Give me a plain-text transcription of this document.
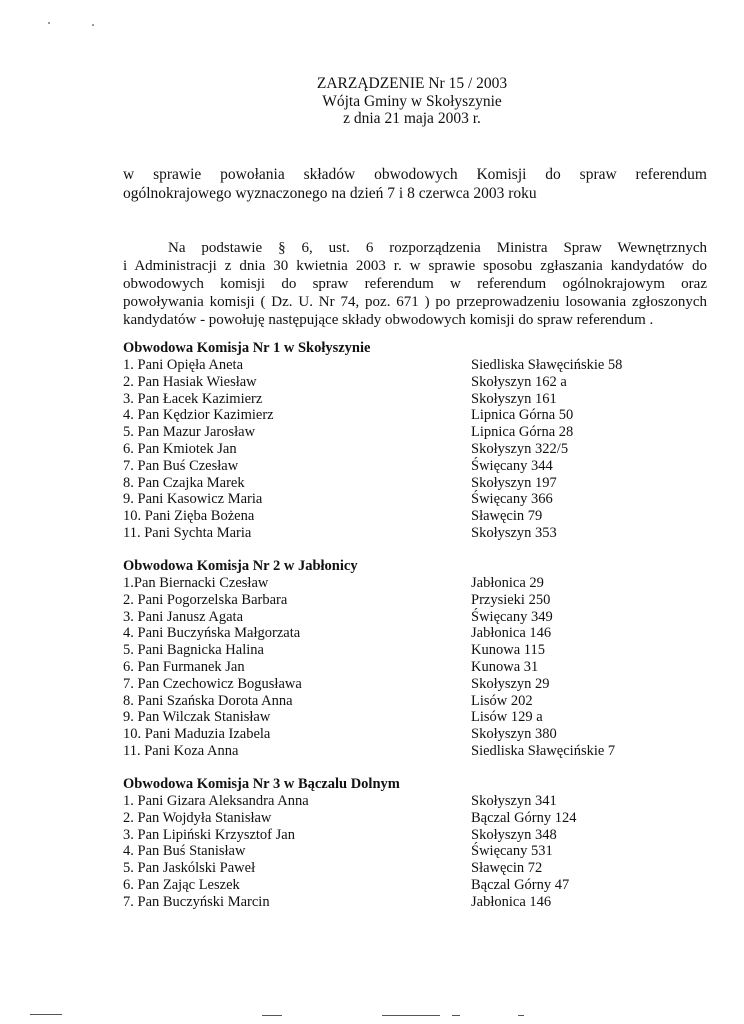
ZARZĄDZENIE Nr 15 / 2003
Wójta Gminy w Skołyszynie
z dnia 21 maja 2003 r.
w sprawie powołania składów obwodowych Komisji do spraw referendum
ogólnokrajowego wyznaczonego na dzień 7 i 8 czerwca 2003 roku
Na podstawie § 6, ust. 6 rozporządzenia Ministra Spraw Wewnętrznych
i Administracji z dnia 30 kwietnia 2003 r. w sprawie sposobu zgłaszania kandydatów do
obwodowych komisji do spraw referendum w referendum ogólnokrajowym oraz
powoływania komisji ( Dz. U. Nr 74, poz. 671 ) po przeprowadzeniu losowania zgłoszonych
kandydatów - powołuję następujące składy obwodowych komisji do spraw referendum .
Obwodowa Komisja Nr 1 w Skołyszynie
1. Pani Opięła Aneta	Siedliska Sławęcińskie 58
2. Pan Hasiak Wiesław	Skołyszyn 162 a
3. Pan Łacek Kazimierz	Skołyszyn 161
4. Pan Kędzior Kazimierz	Lipnica Górna 50
5. Pan Mazur Jarosław	Lipnica Górna 28
6. Pan Kmiotek Jan	Skołyszyn 322/5
7. Pan Buś Czesław	Święcany 344
8. Pan Czajka Marek	Skołyszyn 197
9. Pani Kasowicz Maria	Święcany 366
10. Pani Zięba Bożena	Sławęcin 79
11. Pani Sychta Maria	Skołyszyn 353
Obwodowa Komisja Nr 2 w Jabłonicy
1.Pan Biernacki Czesław	Jabłonica 29
2. Pani Pogorzelska Barbara	Przysieki 250
3. Pani Janusz Agata	Święcany 349
4. Pani Buczyńska Małgorzata	Jabłonica 146
5. Pani Bagnicka Halina	Kunowa 115
6. Pan Furmanek Jan	Kunowa 31
7. Pan Czechowicz Bogusława	Skołyszyn 29
8. Pani Szańska Dorota Anna	Lisów 202
9. Pan Wilczak Stanisław	Lisów 129 a
10. Pani Maduzia Izabela	Skołyszyn 380
11. Pani Koza Anna	Siedliska Sławęcińskie 7
Obwodowa Komisja Nr 3 w Bączalu Dolnym
1. Pani Gizara Aleksandra Anna	Skołyszyn 341
2. Pan Wojdyła Stanisław	Bączal Górny 124
3. Pan Lipiński Krzysztof Jan	Skołyszyn 348
4. Pan Buś Stanisław	Święcany 531
5. Pan Jaskólski Paweł	Sławęcin 72
6. Pan Zając Leszek	Bączal Górny 47
7. Pan Buczyński Marcin	Jabłonica 146
